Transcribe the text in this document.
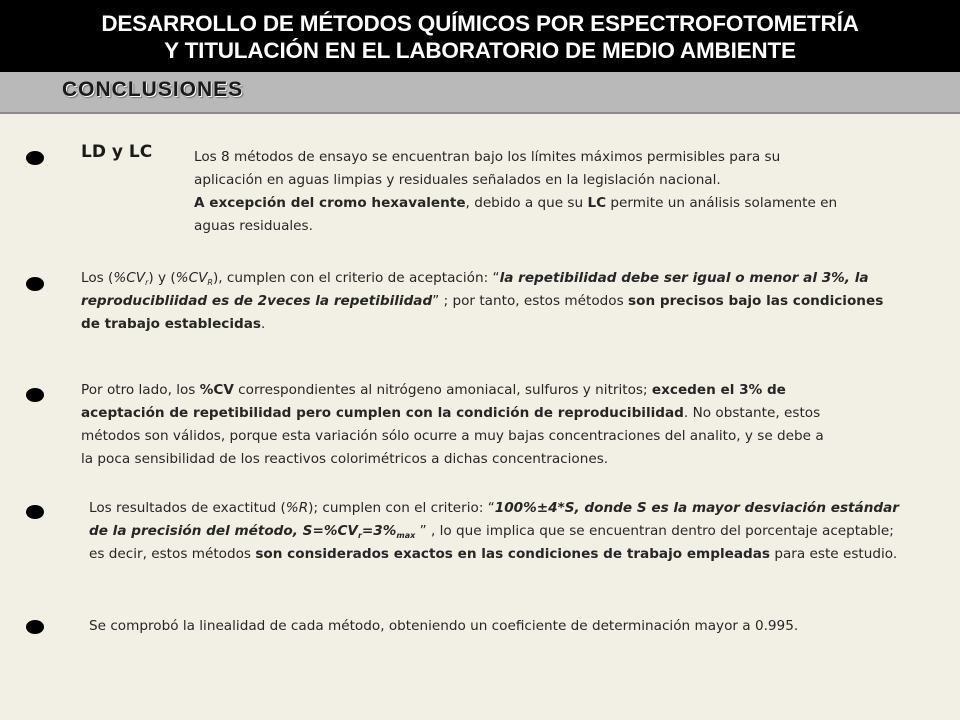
DESARROLLO DE MÉTODOS QUÍMICOS POR ESPECTROFOTOMETRÍA
Y TITULACIÓN EN EL LABORATORIO DE MEDIO AMBIENTE
CONCLUSIONES
LD y LC	Los 8 métodos de ensayo se encuentran bajo los límites máximos permisibles para su

aplicación en aguas limpias y residuales señalados en la legislación nacional.

A excepción del cromo hexavalente, debido a que su LC permite un análisis solamente en

aguas residuales.

Los $(\%CV_r)$ y $(\%CV_R)$, cumplen con el criterio de aceptación: “la repetibilidad debe ser igual o menor al 3%, la

reproducibliidad es de 2veces la repetibilidad” ; por tanto, estos métodos son precisos bajo las condiciones

de trabajo establecidas.

Por otro lado, los %CV correspondientes al nitrógeno amoniacal, sulfuros y nitritos; exceden el 3% de

aceptación de repetibilidad pero cumplen con la condición de reproducibilidad. No obstante, estos

métodos son válidos, porque esta variación sólo ocurre a muy bajas concentraciones del analito, y se debe a

la poca sensibilidad de los reactivos colorimétricos a dichas concentraciones.

Los resultados de exactitud (%R); cumplen con el criterio: “100%±4*S, donde S es la mayor desviación estándar

de la precisión del método, $S=\%CV_r=3\%_{max}$ ” , lo que implica que se encuentran dentro del porcentaje aceptable;

es decir, estos métodos son considerados exactos en las condiciones de trabajo empleadas para este estudio.

Se comprobó la linealidad de cada método, obteniendo un coeficiente de determinación mayor a 0.995.
